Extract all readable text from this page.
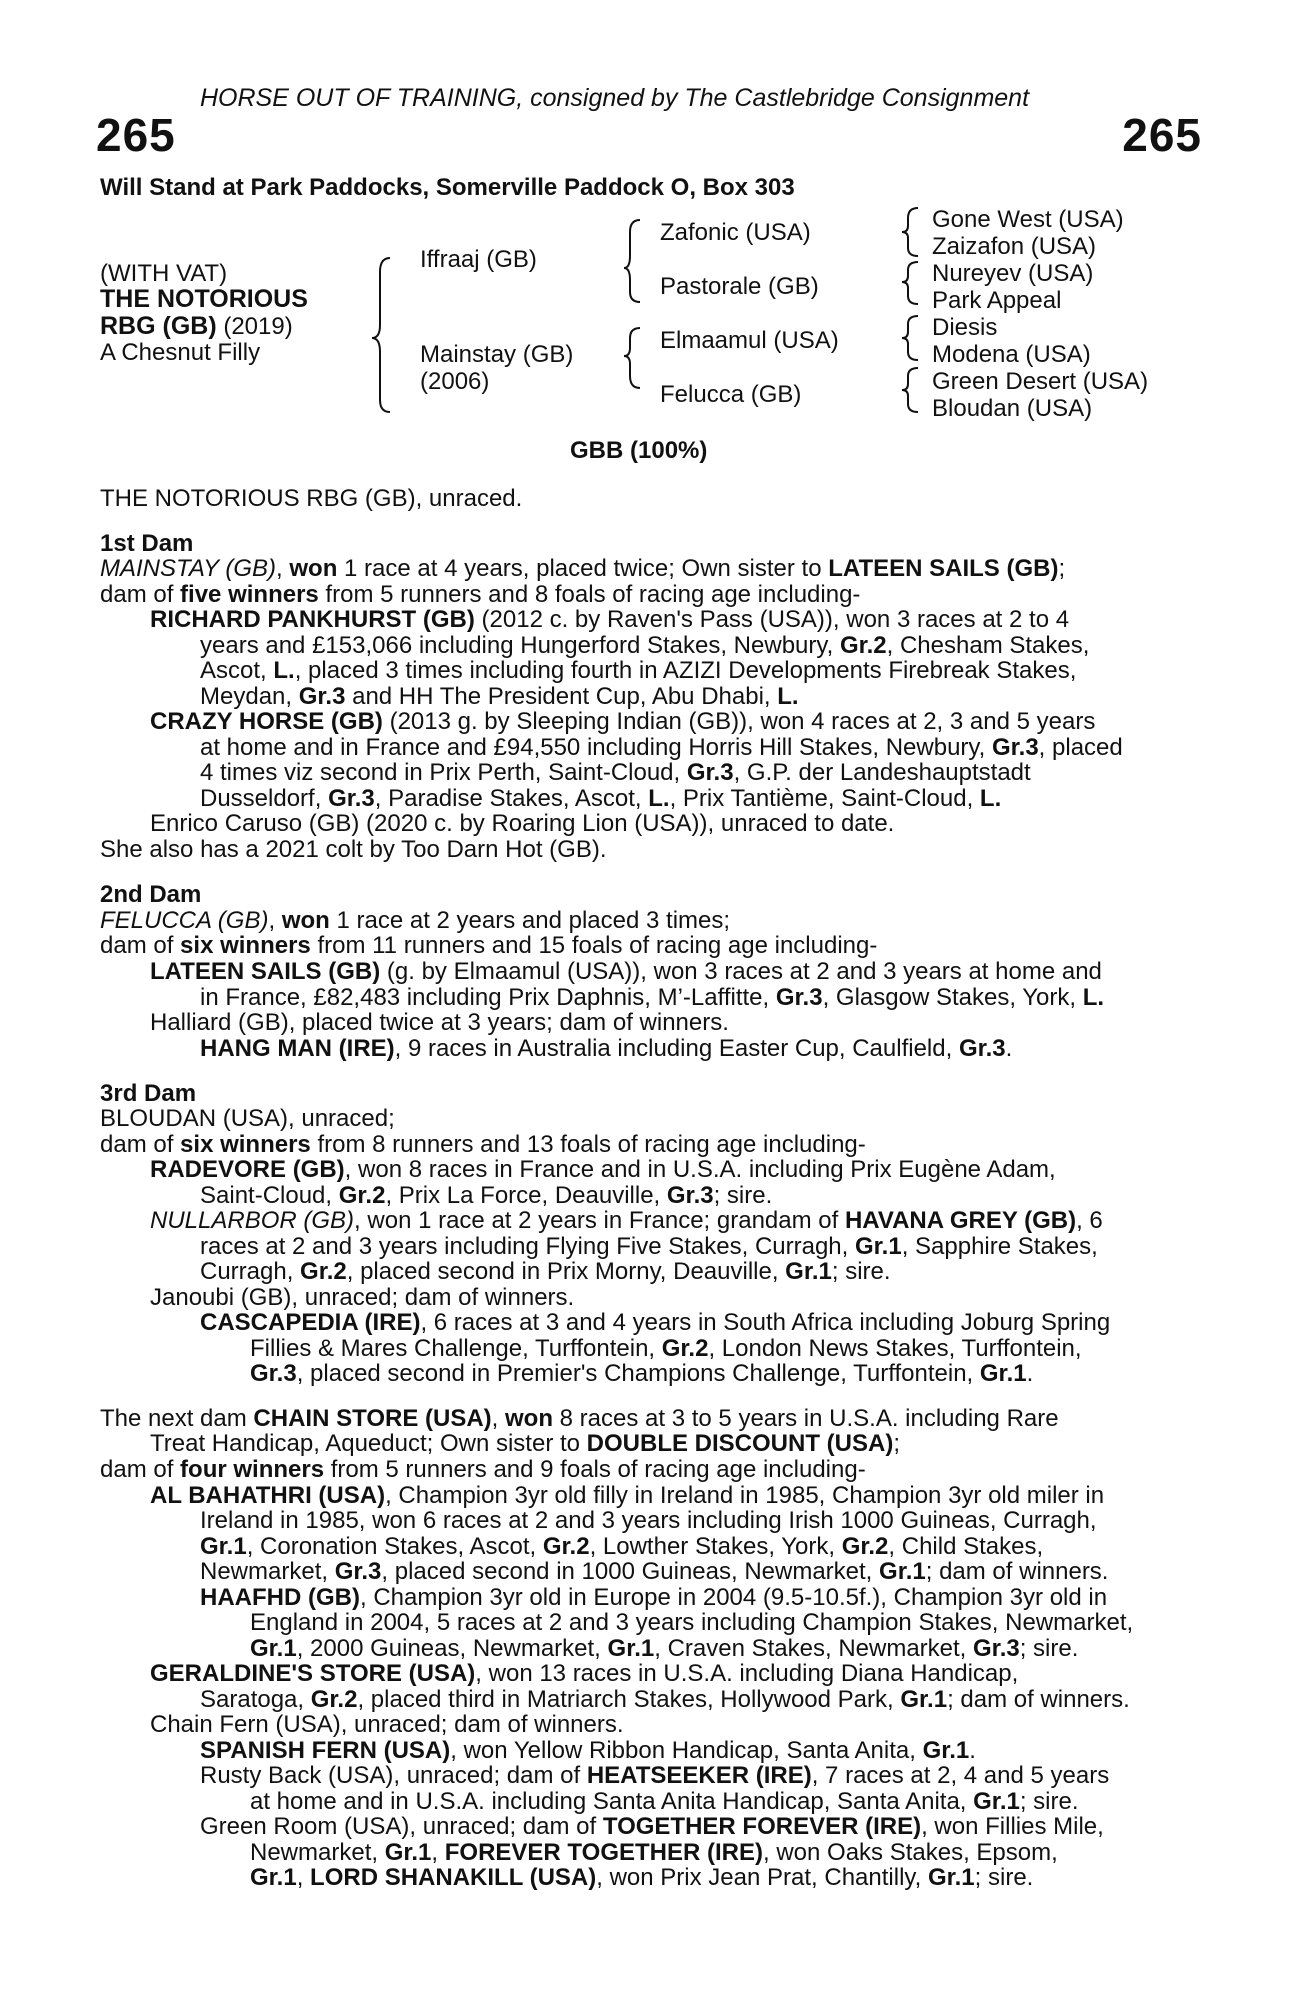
HORSE OUT OF TRAINING, consigned by The Castlebridge Consignment
265	265
Will Stand at Park Paddocks, Somerville Paddock O, Box 303
(WITH VAT)
THE NOTORIOUS
RBG (GB) (2019)
A Chesnut Filly
Iffraaj (GB)
Mainstay (GB)
(2006)
Zafonic (USA)
Pastorale (GB)
Elmaamul (USA)
Felucca (GB)
Gone West (USA)
Zaizafon (USA)
Nureyev (USA)
Park Appeal
Diesis
Modena (USA)
Green Desert (USA)
Bloudan (USA)
GBB (100%)
THE NOTORIOUS RBG (GB), unraced.
1st Dam
MAINSTAY (GB), won 1 race at 4 years, placed twice; Own sister to LATEEN SAILS (GB);
dam of five winners from 5 runners and 8 foals of racing age including-
RICHARD PANKHURST (GB) (2012 c. by Raven's Pass (USA)), won 3 races at 2 to 4
years and £153,066 including Hungerford Stakes, Newbury, Gr.2, Chesham Stakes,
Ascot, L., placed 3 times including fourth in AZIZI Developments Firebreak Stakes,
Meydan, Gr.3 and HH The President Cup, Abu Dhabi, L.
CRAZY HORSE (GB) (2013 g. by Sleeping Indian (GB)), won 4 races at 2, 3 and 5 years
at home and in France and £94,550 including Horris Hill Stakes, Newbury, Gr.3, placed
4 times viz second in Prix Perth, Saint-Cloud, Gr.3, G.P. der Landeshauptstadt
Dusseldorf, Gr.3, Paradise Stakes, Ascot, L., Prix Tantième, Saint-Cloud, L.
Enrico Caruso (GB) (2020 c. by Roaring Lion (USA)), unraced to date.
She also has a 2021 colt by Too Darn Hot (GB).
2nd Dam
FELUCCA (GB), won 1 race at 2 years and placed 3 times;
dam of six winners from 11 runners and 15 foals of racing age including-
LATEEN SAILS (GB) (g. by Elmaamul (USA)), won 3 races at 2 and 3 years at home and
in France, £82,483 including Prix Daphnis, M’-Laffitte, Gr.3, Glasgow Stakes, York, L.
Halliard (GB), placed twice at 3 years; dam of winners.
HANG MAN (IRE), 9 races in Australia including Easter Cup, Caulfield, Gr.3.
3rd Dam
BLOUDAN (USA), unraced;
dam of six winners from 8 runners and 13 foals of racing age including-
RADEVORE (GB), won 8 races in France and in U.S.A. including Prix Eugène Adam,
Saint-Cloud, Gr.2, Prix La Force, Deauville, Gr.3; sire.
NULLARBOR (GB), won 1 race at 2 years in France; grandam of HAVANA GREY (GB), 6
races at 2 and 3 years including Flying Five Stakes, Curragh, Gr.1, Sapphire Stakes,
Curragh, Gr.2, placed second in Prix Morny, Deauville, Gr.1; sire.
Janoubi (GB), unraced; dam of winners.
CASCAPEDIA (IRE), 6 races at 3 and 4 years in South Africa including Joburg Spring
Fillies & Mares Challenge, Turffontein, Gr.2, London News Stakes, Turffontein,
Gr.3, placed second in Premier's Champions Challenge, Turffontein, Gr.1.
The next dam CHAIN STORE (USA), won 8 races at 3 to 5 years in U.S.A. including Rare
Treat Handicap, Aqueduct; Own sister to DOUBLE DISCOUNT (USA);
dam of four winners from 5 runners and 9 foals of racing age including-
AL BAHATHRI (USA), Champion 3yr old filly in Ireland in 1985, Champion 3yr old miler in
Ireland in 1985, won 6 races at 2 and 3 years including Irish 1000 Guineas, Curragh,
Gr.1, Coronation Stakes, Ascot, Gr.2, Lowther Stakes, York, Gr.2, Child Stakes,
Newmarket, Gr.3, placed second in 1000 Guineas, Newmarket, Gr.1; dam of winners.
HAAFHD (GB), Champion 3yr old in Europe in 2004 (9.5-10.5f.), Champion 3yr old in
England in 2004, 5 races at 2 and 3 years including Champion Stakes, Newmarket,
Gr.1, 2000 Guineas, Newmarket, Gr.1, Craven Stakes, Newmarket, Gr.3; sire.
GERALDINE'S STORE (USA), won 13 races in U.S.A. including Diana Handicap,
Saratoga, Gr.2, placed third in Matriarch Stakes, Hollywood Park, Gr.1; dam of winners.
Chain Fern (USA), unraced; dam of winners.
SPANISH FERN (USA), won Yellow Ribbon Handicap, Santa Anita, Gr.1.
Rusty Back (USA), unraced; dam of HEATSEEKER (IRE), 7 races at 2, 4 and 5 years
at home and in U.S.A. including Santa Anita Handicap, Santa Anita, Gr.1; sire.
Green Room (USA), unraced; dam of TOGETHER FOREVER (IRE), won Fillies Mile,
Newmarket, Gr.1, FOREVER TOGETHER (IRE), won Oaks Stakes, Epsom,
Gr.1, LORD SHANAKILL (USA), won Prix Jean Prat, Chantilly, Gr.1; sire.
